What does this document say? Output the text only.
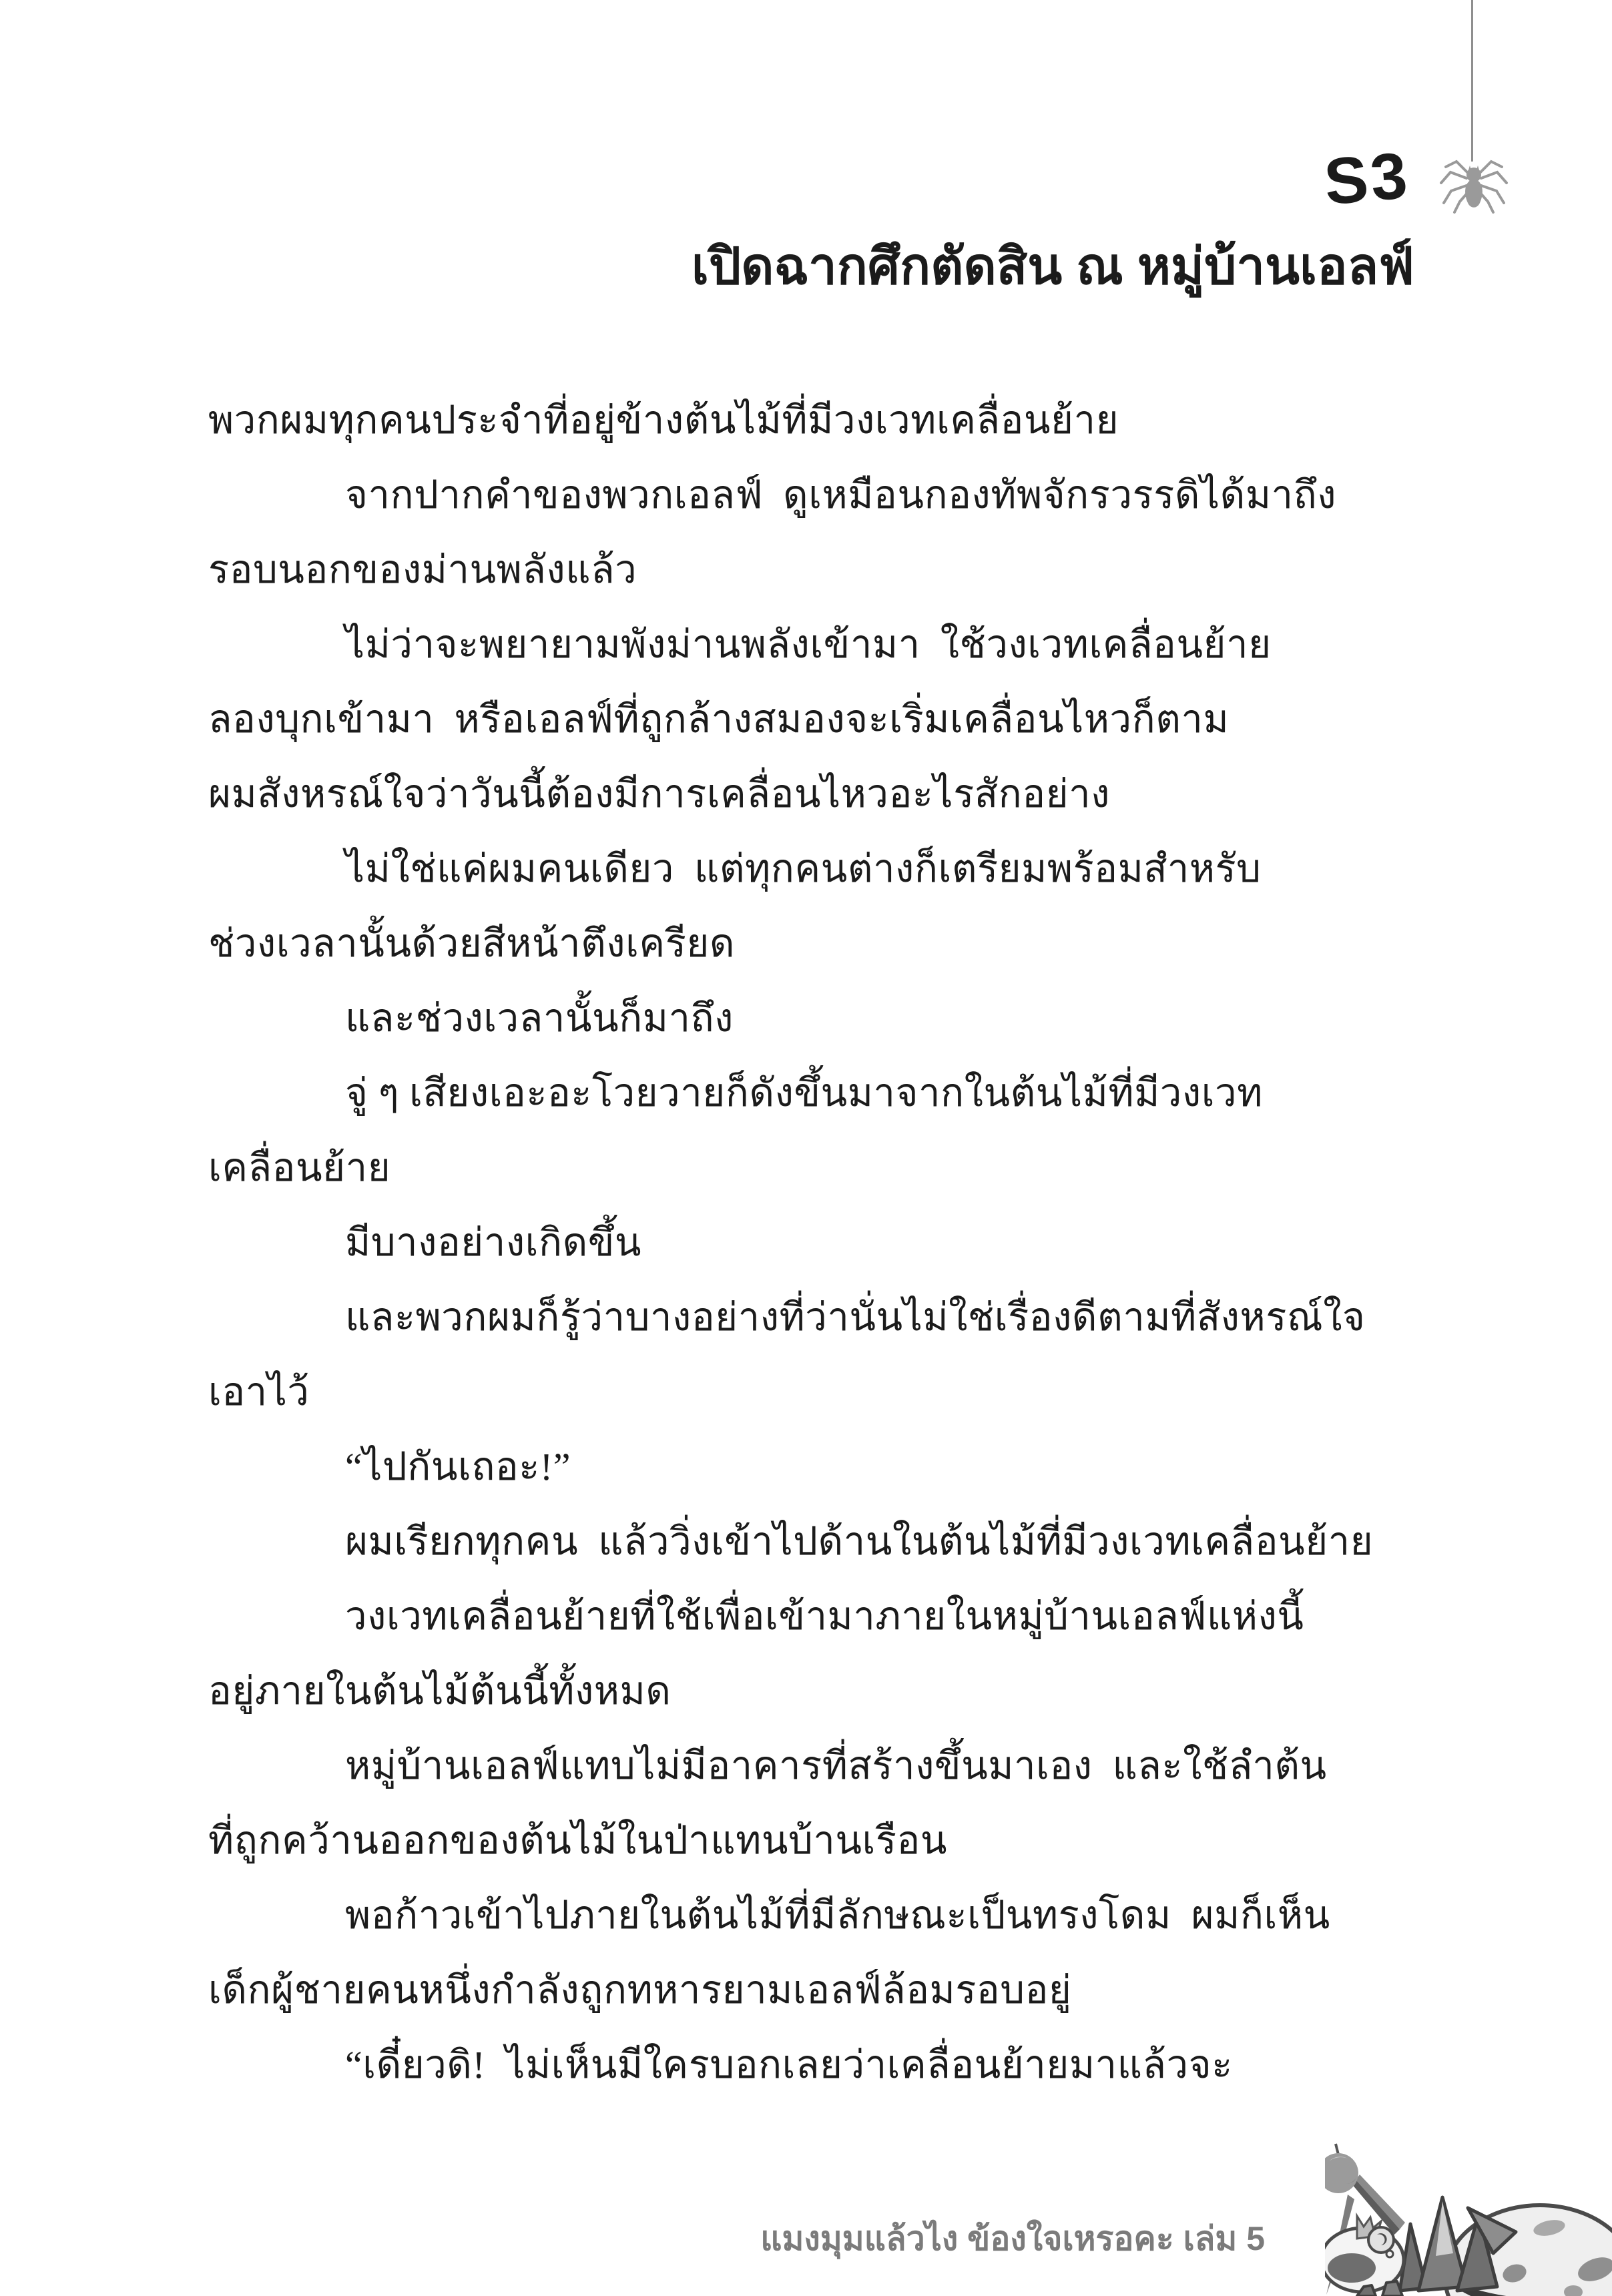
S3
เปิดฉากศึกตัดสิน ณ หมู่บ้านเอลฟ์
พวกผมทุกคนประจำที่อยู่ข้างต้นไม้ที่มีวงเวทเคลื่อนย้าย
จากปากคำของพวกเอลฟ์  ดูเหมือนกองทัพจักรวรรดิได้มาถึง
รอบนอกของม่านพลังแล้ว
ไม่ว่าจะพยายามพังม่านพลังเข้ามา  ใช้วงเวทเคลื่อนย้าย
ลองบุกเข้ามา  หรือเอลฟ์ที่ถูกล้างสมองจะเริ่มเคลื่อนไหวก็ตาม
ผมสังหรณ์ใจว่าวันนี้ต้องมีการเคลื่อนไหวอะไรสักอย่าง
ไม่ใช่แค่ผมคนเดียว  แต่ทุกคนต่างก็เตรียมพร้อมสำหรับ
ช่วงเวลานั้นด้วยสีหน้าตึงเครียด
และช่วงเวลานั้นก็มาถึง
จู่ ๆ เสียงเอะอะโวยวายก็ดังขึ้นมาจากในต้นไม้ที่มีวงเวท
เคลื่อนย้าย
มีบางอย่างเกิดขึ้น
และพวกผมก็รู้ว่าบางอย่างที่ว่านั่นไม่ใช่เรื่องดีตามที่สังหรณ์ใจ
เอาไว้
“ไปกันเถอะ!”
ผมเรียกทุกคน  แล้ววิ่งเข้าไปด้านในต้นไม้ที่มีวงเวทเคลื่อนย้าย
วงเวทเคลื่อนย้ายที่ใช้เพื่อเข้ามาภายในหมู่บ้านเอลฟ์แห่งนี้
อยู่ภายในต้นไม้ต้นนี้ทั้งหมด
หมู่บ้านเอลฟ์แทบไม่มีอาคารที่สร้างขึ้นมาเอง  และใช้ลำต้น
ที่ถูกคว้านออกของต้นไม้ในป่าแทนบ้านเรือน
พอก้าวเข้าไปภายในต้นไม้ที่มีลักษณะเป็นทรงโดม  ผมก็เห็น
เด็กผู้ชายคนหนึ่งกำลังถูกทหารยามเอลฟ์ล้อมรอบอยู่
“เดี๋ยวดิ!  ไม่เห็นมีใครบอกเลยว่าเคลื่อนย้ายมาแล้วจะ
แมงมุมแล้วไง ข้องใจเหรอคะ เล่ม 5
